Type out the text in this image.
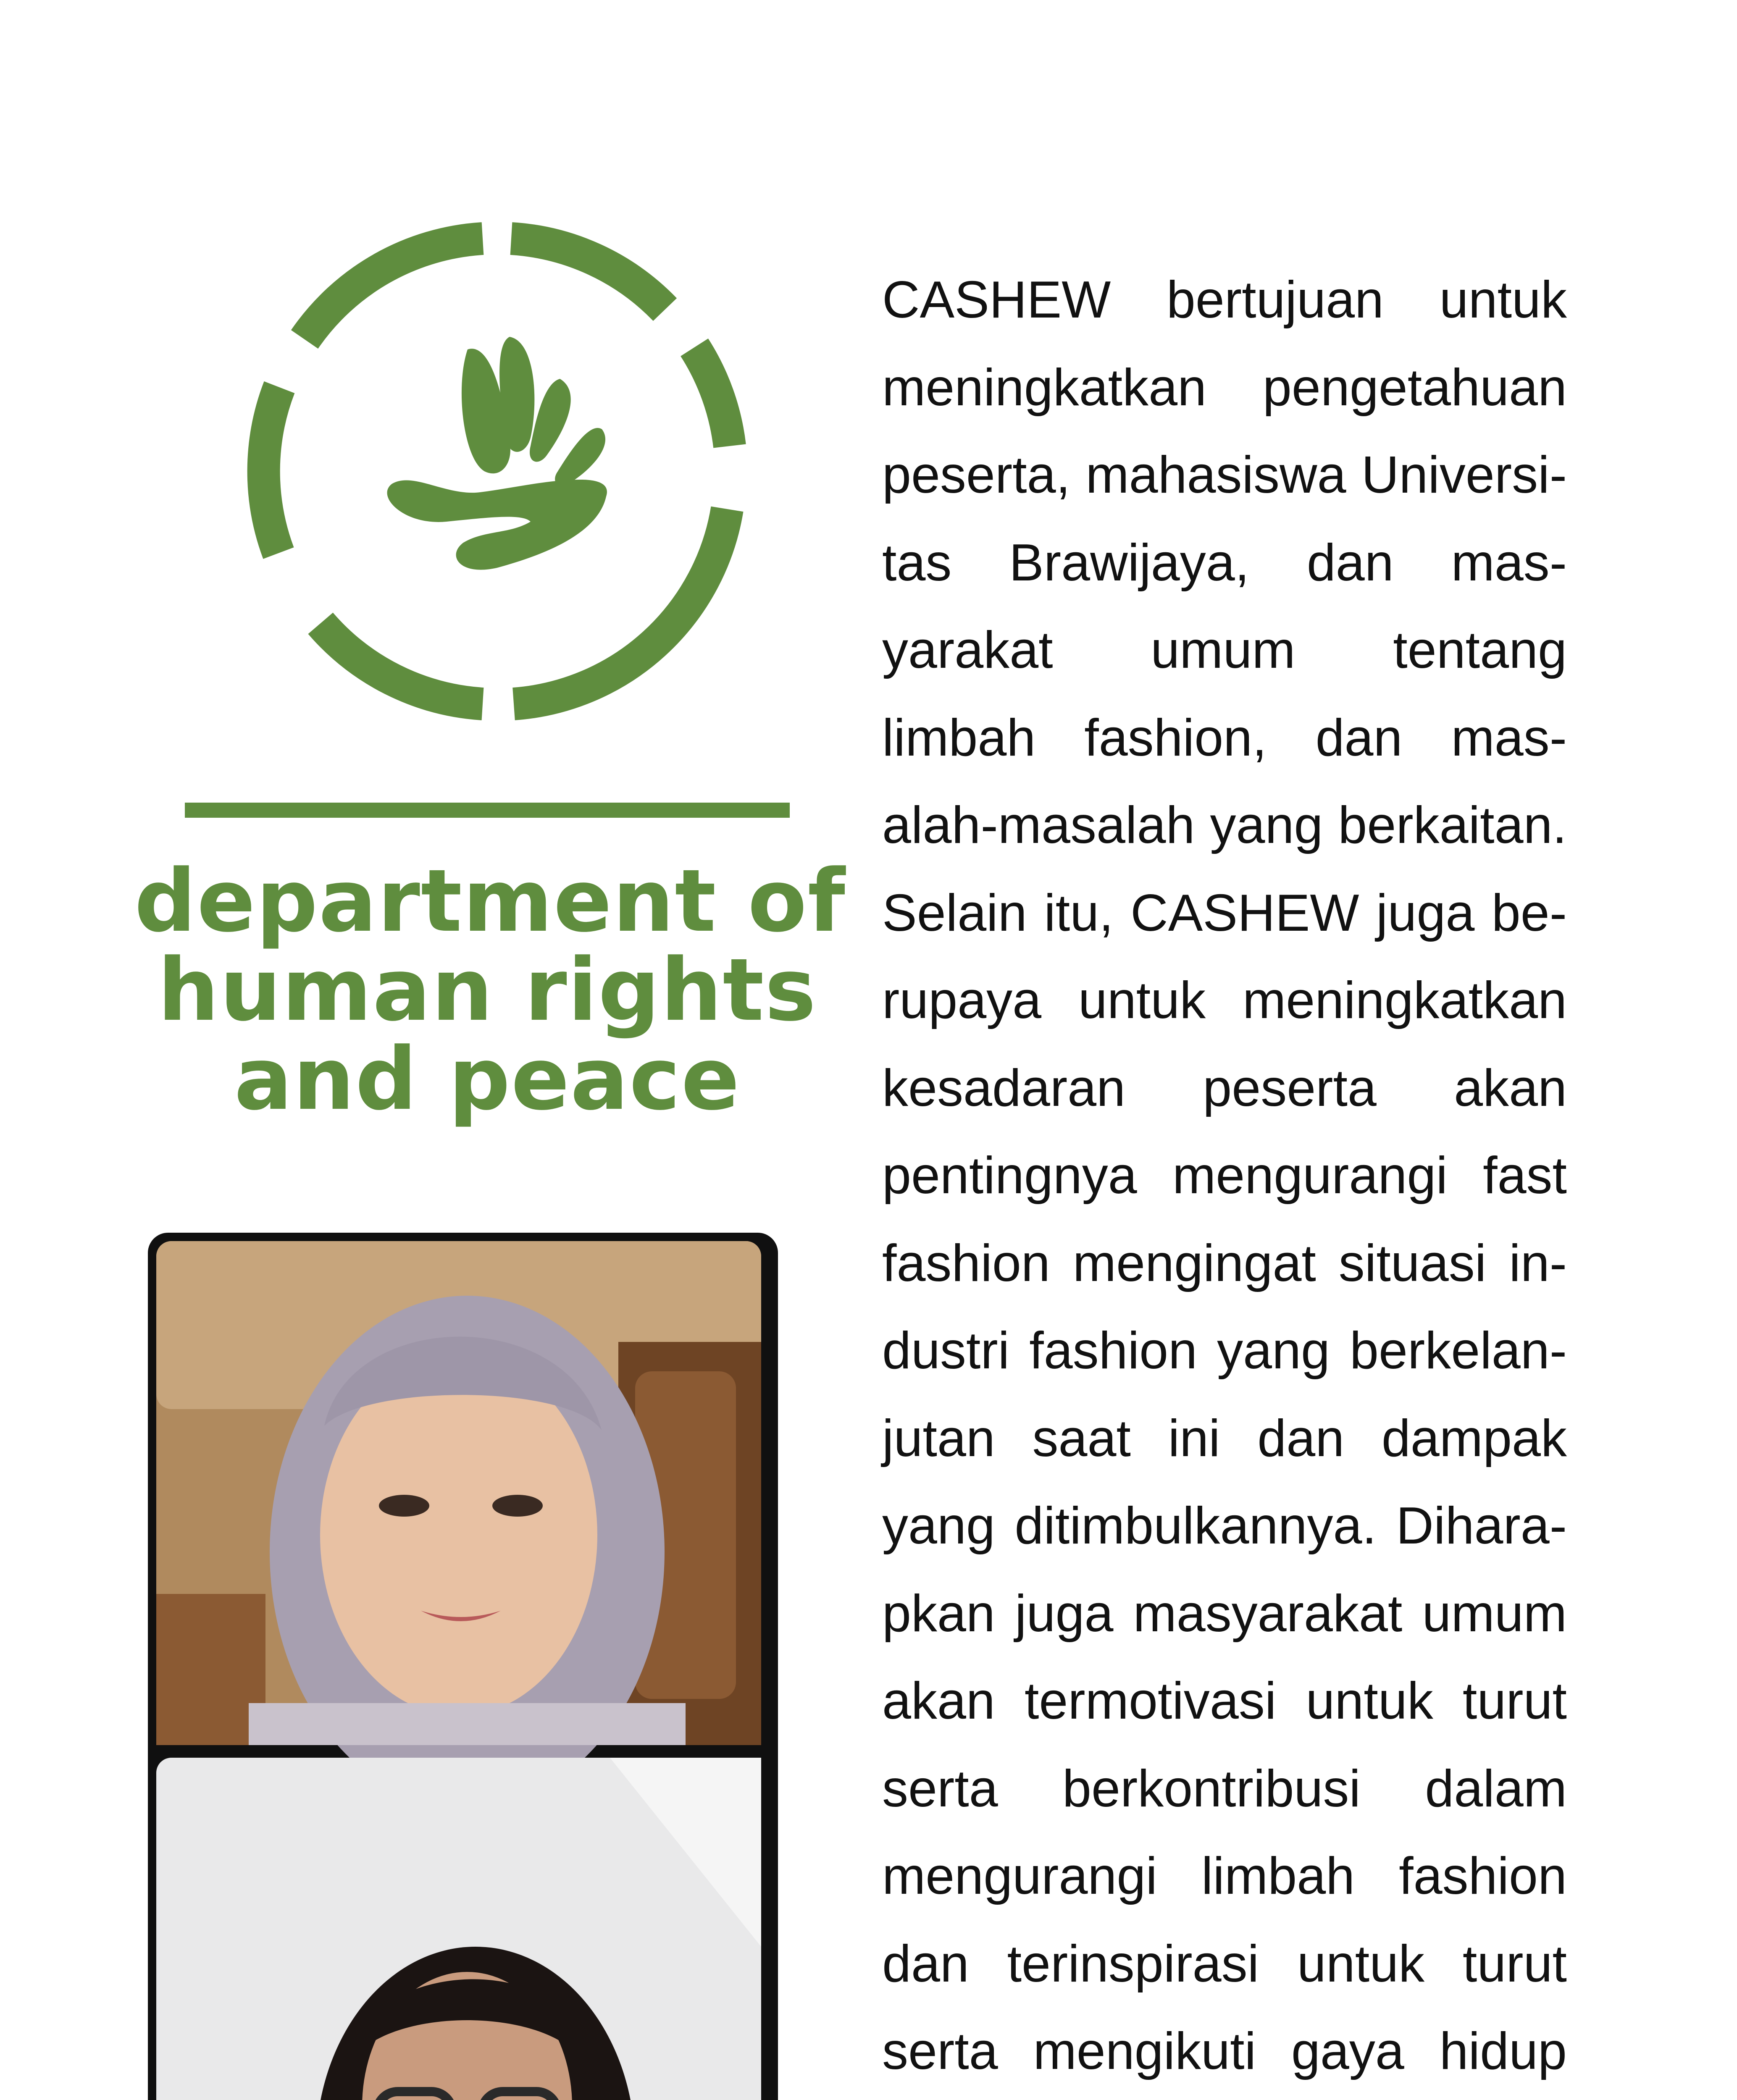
department of
human rights
and peace
CASHEW bertujuan untuk
meningkatkan pengetahuan
peserta, mahasiswa Universi-
tas Brawijaya, dan mas-
yarakat umum tentang
limbah fashion, dan mas-
alah-masalah yang berkaitan.
Selain itu, CASHEW juga be-
rupaya untuk meningkatkan
kesadaran peserta akan
pentingnya mengurangi fast
fashion mengingat situasi in-
dustri fashion yang berkelan-
jutan saat ini dan dampak
yang ditimbulkannya. Dihara-
pkan juga masyarakat umum
akan termotivasi untuk turut
serta berkontribusi dalam
mengurangi limbah fashion
dan terinspirasi untuk turut
serta mengikuti gaya hidup
